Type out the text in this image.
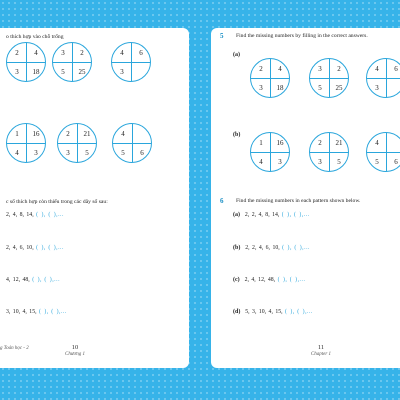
o thích hợp vào chỗ trống
2	4
3	18
3	2
5	25
4	6
3
1	16
4	3
2	21
3	5
4
5	6
c số thích hợp còn thiếu trong các dãy số sau:
2, 4, 8, 14, ( ), ( ),...
2, 4, 6, 10, ( ), ( ),...
4, 12, 48, ( ), ( ),...
3, 10, 4, 15, ( ), ( ),...
g Toán học - 2	10
Chương 1
5 Find the missing numbers by filling in the correct answers.
(a)
2	4
3	18
3	2
5	25
4	6
3
(b)
1	16
4	3
2	21
3	5
4
5	6
6 Find the missing numbers in each pattern shown below.
(a) 2, 2, 4, 8, 14, ( ), ( ),...
(b) 2, 2, 4, 6, 10, ( ), ( ),...
(c) 2, 4, 12, 48, ( ), ( ),...
(d) 5, 3, 10, 4, 15, ( ), ( ),...
11
Chapter 1
